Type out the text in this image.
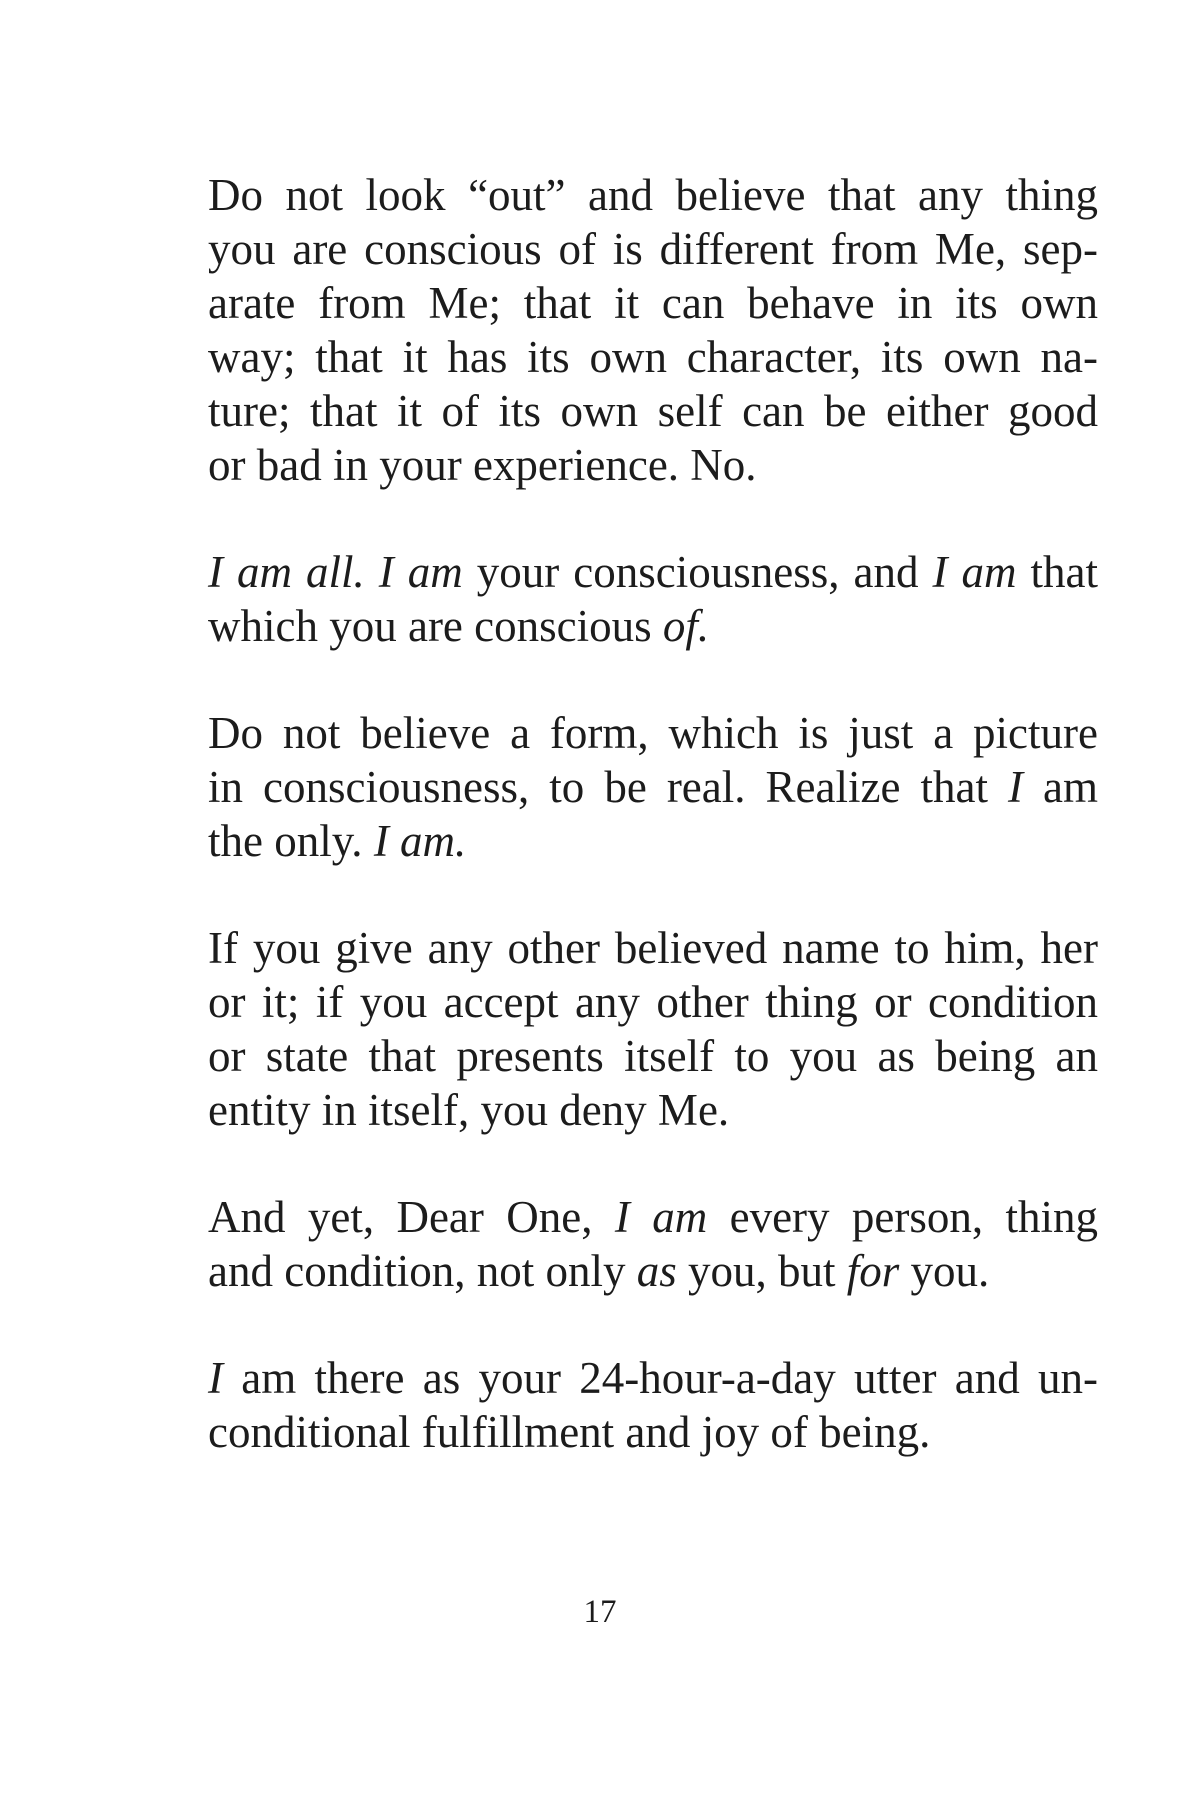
Do not look “out” and believe that any thing
you are conscious of is different from Me, sep-
arate from Me; that it can behave in its own
way; that it has its own character, its own na-
ture; that it of its own self can be either good
or bad in your experience. No.

I am all. I am your consciousness, and I am that
which you are conscious of.

Do not believe a form, which is just a picture
in consciousness, to be real. Realize that I am
the only. I am.

If you give any other believed name to him, her
or it; if you accept any other thing or condition
or state that presents itself to you as being an
entity in itself, you deny Me.

And yet, Dear One, I am every person, thing
and condition, not only as you, but for you.

I am there as your 24-hour-a-day utter and un-
conditional fulfillment and joy of being.

17
